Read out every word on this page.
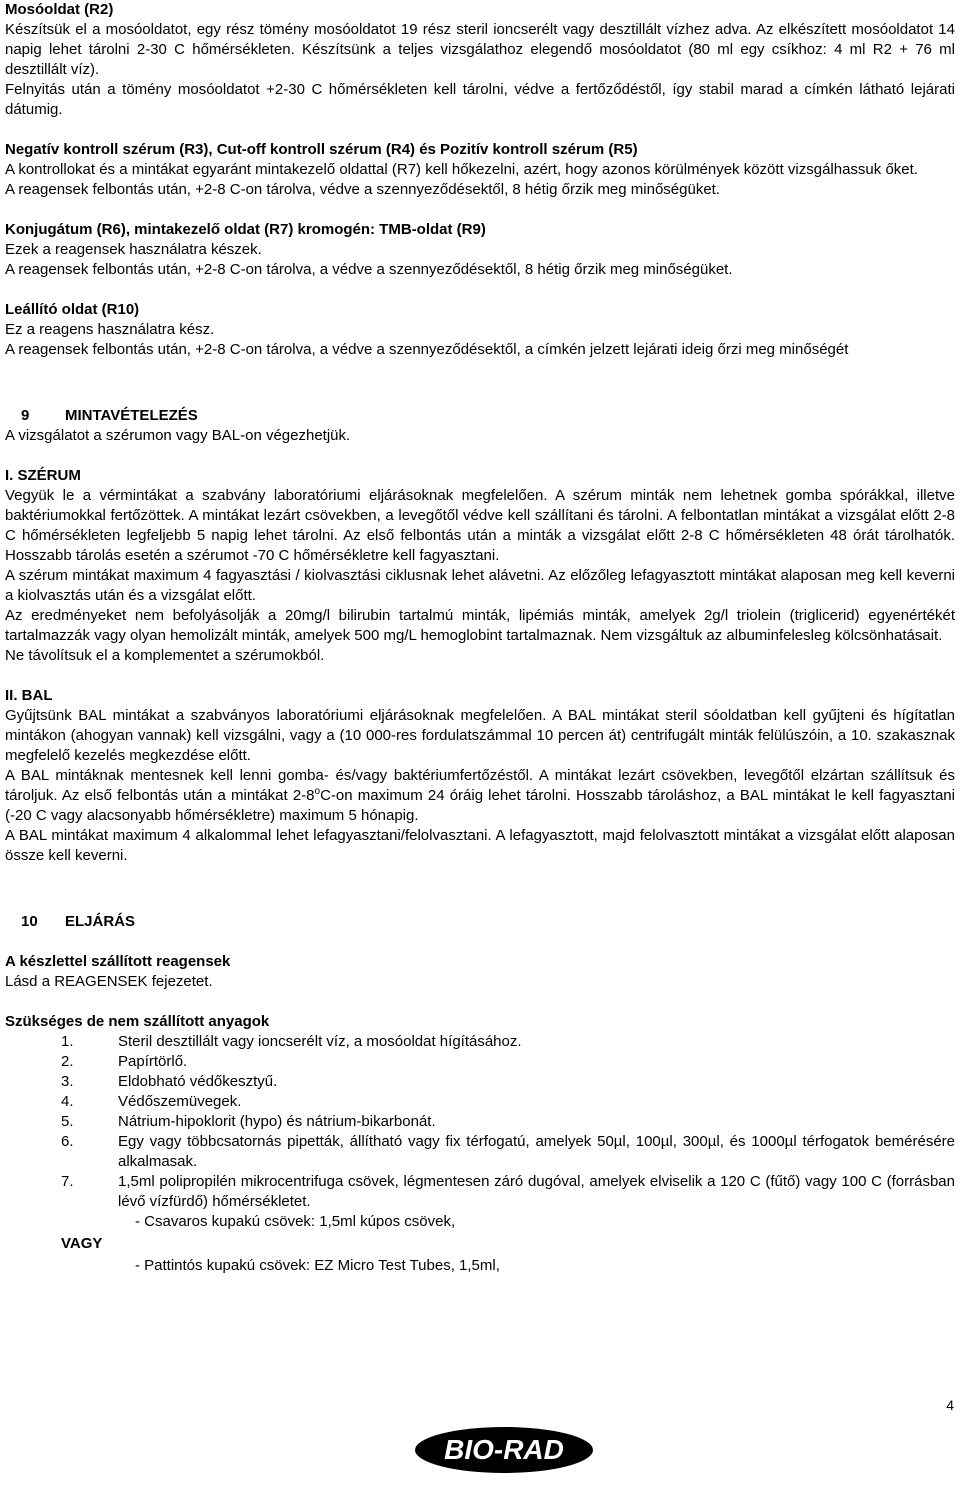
Mosóoldat (R2)

Készítsük el a mosóoldatot, egy rész tömény mosóoldatot 19 rész steril ioncserélt vagy desztillált vízhez adva. Az elkészített mosóoldatot 14 napig lehet tárolni 2-30 C hőmérsékleten. Készítsünk a teljes vizsgálathoz elegendő mosóoldatot (80 ml egy csíkhoz: 4 ml R2 + 76 ml desztillált víz).

Felnyitás után a tömény mosóoldatot +2-30 C hőmérsékleten kell tárolni, védve a fertőződéstől, így stabil marad a címkén látható lejárati dátumig.

Negatív kontroll szérum (R3), Cut-off kontroll szérum (R4) és Pozitív kontroll szérum (R5)

A kontrollokat és a mintákat egyaránt mintakezelő oldattal (R7) kell hőkezelni, azért, hogy azonos körülmények között vizsgálhassuk őket.

A reagensek felbontás után, +2-8 C-on tárolva, védve a szennyeződésektől, 8 hétig őrzik meg minőségüket.

Konjugátum (R6), mintakezelő oldat (R7) kromogén: TMB-oldat (R9)

Ezek a reagensek használatra készek.

A reagensek felbontás után, +2-8 C-on tárolva, a védve a szennyeződésektől, 8 hétig őrzik meg minőségüket.

Leállító oldat (R10)

Ez a reagens használatra kész.

A reagensek felbontás után, +2-8 C-on tárolva, a védve a szennyeződésektől, a címkén jelzett lejárati ideig őrzi meg minőségét

9 MINTAVÉTELEZÉS

A vizsgálatot a szérumon vagy BAL-on végezhetjük.

I. SZÉRUM

Vegyük le a vérmintákat a szabvány laboratóriumi eljárásoknak megfelelően. A szérum minták nem lehetnek gomba spórákkal, illetve baktériumokkal fertőzöttek. A mintákat lezárt csövekben, a levegőtől védve kell szállítani és tárolni. A felbontatlan mintákat a vizsgálat előtt 2-8 C hőmérsékleten legfeljebb 5 napig lehet tárolni. Az első felbontás után a minták a vizsgálat előtt 2-8 C hőmérsékleten 48 órát tárolhatók. Hosszabb tárolás esetén a szérumot -70 C hőmérsékletre kell fagyasztani.

A szérum mintákat maximum 4 fagyasztási / kiolvasztási ciklusnak lehet alávetni. Az előzőleg lefagyasztott mintákat alaposan meg kell keverni a kiolvasztás után és a vizsgálat előtt.

Az eredményeket nem befolyásolják a 20mg/l bilirubin tartalmú minták, lipémiás minták, amelyek 2g/l triolein (triglicerid) egyenértékét tartalmazzák vagy olyan hemolizált minták, amelyek 500 mg/L hemoglobint tartalmaznak. Nem vizsgáltuk az albuminfelesleg kölcsönhatásait.

Ne távolítsuk el a komplementet a szérumokból.

II. BAL

Gyűjtsünk BAL mintákat a szabványos laboratóriumi eljárásoknak megfelelően. A BAL mintákat steril sóoldatban kell gyűjteni és hígítatlan mintákon (ahogyan vannak) kell vizsgálni, vagy a (10 000-res fordulatszámmal 10 percen át) centrifugált minták felülúszóin, a 10. szakasznak megfelelő kezelés megkezdése előtt.

A BAL mintáknak mentesnek kell lenni gomba- és/vagy baktériumfertőzéstől. A mintákat lezárt csövekben, levegőtől elzártan szállítsuk és tároljuk. Az első felbontás után a mintákat 2-8$^o$C-on maximum 24 óráig lehet tárolni. Hosszabb tároláshoz, a BAL mintákat le kell fagyasztani (-20 C vagy alacsonyabb hőmérsékletre) maximum 5 hónapig.

A BAL mintákat maximum 4 alkalommal lehet lefagyasztani/felolvasztani. A lefagyasztott, majd felolvasztott mintákat a vizsgálat előtt alaposan össze kell keverni.

10 ELJÁRÁS

A készlettel szállított reagensek

Lásd a REAGENSEK fejezetet.

Szükséges de nem szállított anyagok

1.	Steril desztillált vagy ioncserélt víz, a mosóoldat hígításához.
2.	Papírtörlő.
3.	Eldobható védőkesztyű.
4.	Védőszemüvegek.
5.	Nátrium-hipoklorit (hypo) és nátrium-bikarbonát.
6.	Egy vagy többcsatornás pipetták, állítható vagy fix térfogatú, amelyek 50µl, 100µl, 300µl, és 1000µl térfogatok bemérésére alkalmasak.
7.	1,5ml polipropilén mikrocentrifuga csövek, légmentesen záró dugóval, amelyek elviselik a 120 C (fűtő) vagy 100 C (forrásban lévő vízfürdő) hőmérsékletet.
- Csavaros kupakú csövek: 1,5ml kúpos csövek,
VAGY
- Pattintós kupakú csövek: EZ Micro Test Tubes, 1,5ml,
4
BIO-RAD
